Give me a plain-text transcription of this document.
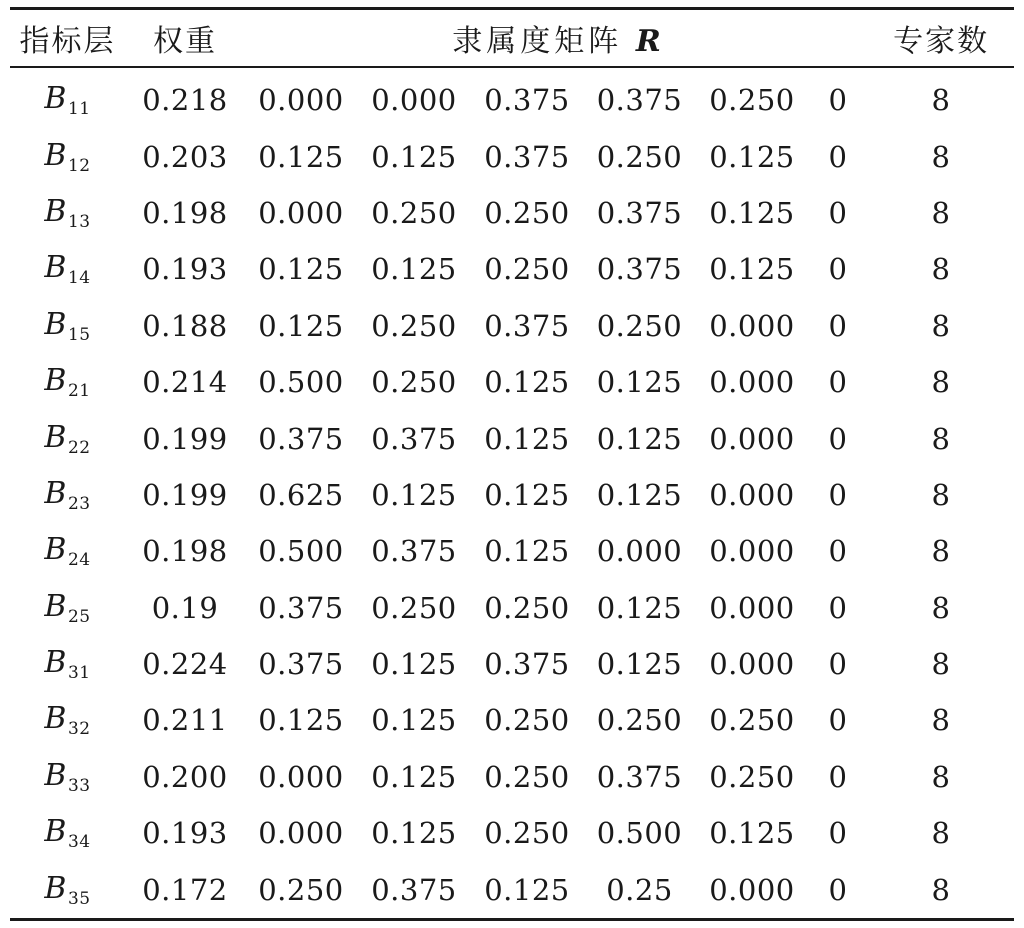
指标层	权重	隶属度矩阵 R	专家数
$B_{11}$	0.218	0.000	0.000	0.375	0.375	0.250	0	8
$B_{12}$	0.203	0.125	0.125	0.375	0.250	0.125	0	8
$B_{13}$	0.198	0.000	0.250	0.250	0.375	0.125	0	8
$B_{14}$	0.193	0.125	0.125	0.250	0.375	0.125	0	8
$B_{15}$	0.188	0.125	0.250	0.375	0.250	0.000	0	8
$B_{21}$	0.214	0.500	0.250	0.125	0.125	0.000	0	8
$B_{22}$	0.199	0.375	0.375	0.125	0.125	0.000	0	8
$B_{23}$	0.199	0.625	0.125	0.125	0.125	0.000	0	8
$B_{24}$	0.198	0.500	0.375	0.125	0.000	0.000	0	8
$B_{25}$	0.19	0.375	0.250	0.250	0.125	0.000	0	8
$B_{31}$	0.224	0.375	0.125	0.375	0.125	0.000	0	8
$B_{32}$	0.211	0.125	0.125	0.250	0.250	0.250	0	8
$B_{33}$	0.200	0.000	0.125	0.250	0.375	0.250	0	8
$B_{34}$	0.193	0.000	0.125	0.250	0.500	0.125	0	8
$B_{35}$	0.172	0.250	0.375	0.125	0.25	0.000	0	8
